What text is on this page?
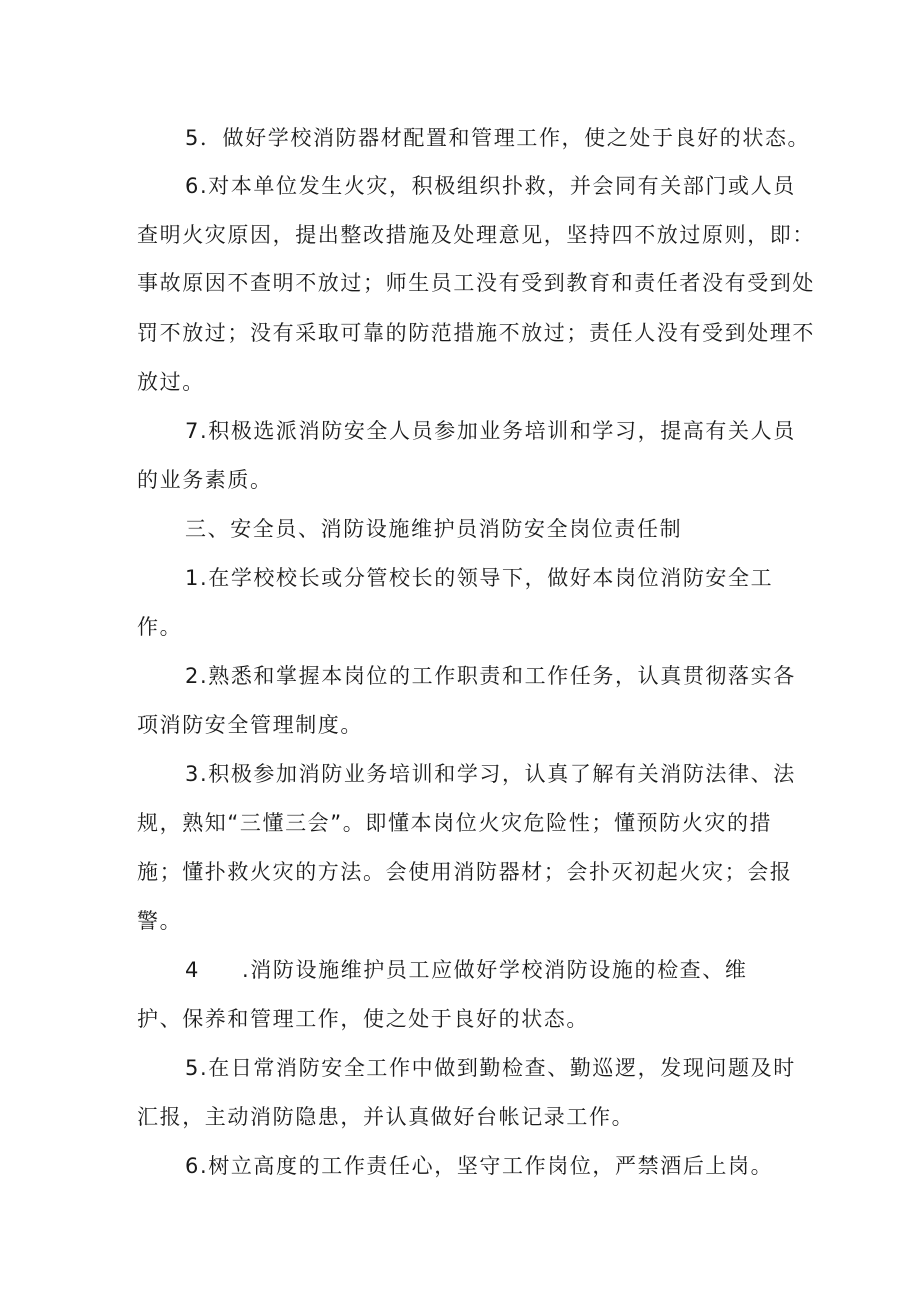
5．做好学校消防器材配置和管理工作，使之处于良好的状态。
6.对本单位发生火灾，积极组织扑救，并会同有关部门或人员
查明火灾原因，提出整改措施及处理意见，坚持四不放过原则，即：
事故原因不查明不放过；师生员工没有受到教育和责任者没有受到处
罚不放过；没有采取可靠的防范措施不放过；责任人没有受到处理不
放过。
7.积极选派消防安全人员参加业务培训和学习，提高有关人员
的业务素质。
三、安全员、消防设施维护员消防安全岗位责任制
1.在学校校长或分管校长的领导下，做好本岗位消防安全工
作。
2.熟悉和掌握本岗位的工作职责和工作任务，认真贯彻落实各
项消防安全管理制度。
3.积极参加消防业务培训和学习，认真了解有关消防法律、法
规，熟知“三懂三会”。即懂本岗位火灾危险性；懂预防火灾的措
施；懂扑救火灾的方法。会使用消防器材；会扑灭初起火灾；会报
警。
4 .消防设施维护员工应做好学校消防设施的检查、维
护、保养和管理工作，使之处于良好的状态。
5.在日常消防安全工作中做到勤检查、勤巡逻，发现问题及时
汇报，主动消防隐患，并认真做好台帐记录工作。
6.树立高度的工作责任心，坚守工作岗位，严禁酒后上岗。
